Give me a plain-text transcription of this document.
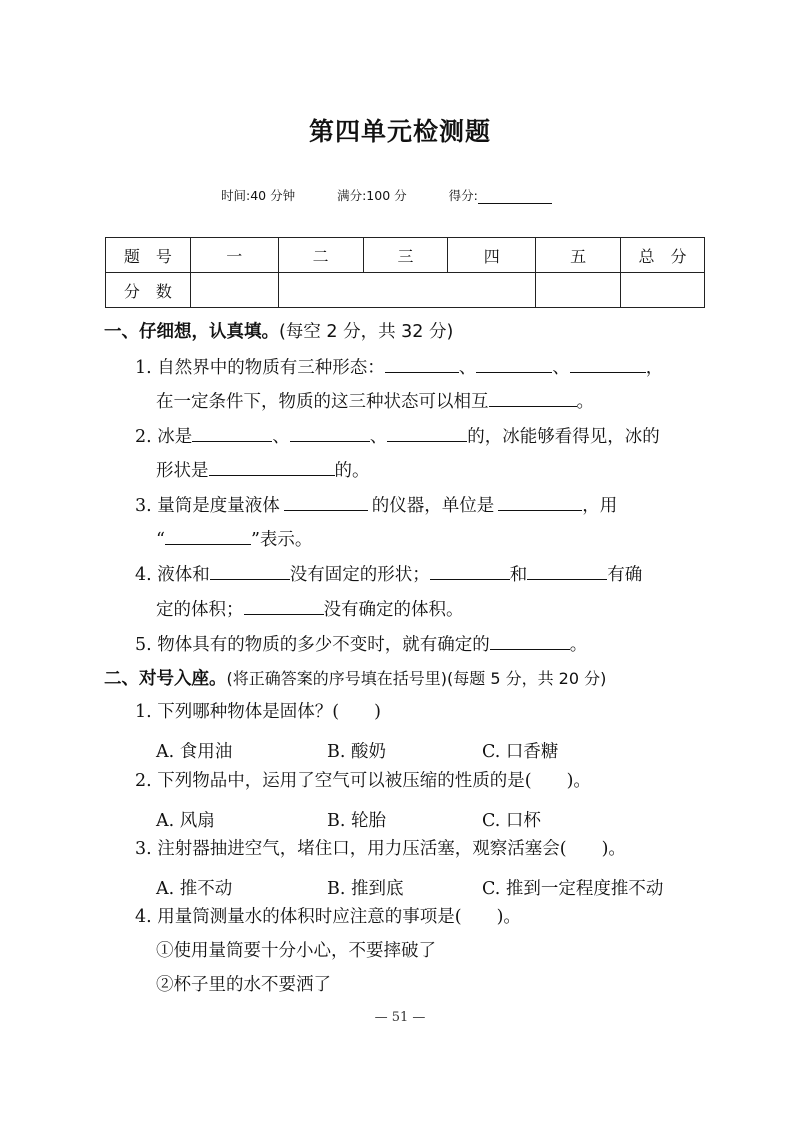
第四单元检测题
时间:40 分钟	满分:100 分	得分:
题　号	一	二	三	四	五	总　分
分　数						
一、仔细想，认真填。(每空 2 分，共 32 分)
1. 自然界中的物质有三种形态：	、	、	，
在一定条件下，物质的这三种状态可以相互	。
2. 冰是	、	、	的，冰能够看得见，冰的
形状是	的。
3. 量筒是度量液体	的仪器，单位是	，用
“	”表示。
4. 液体和	没有固定的形状；	和	有确
定的体积；	没有确定的体积。
5. 物体具有的物质的多少不变时，就有确定的	。
二、对号入座。(将正确答案的序号填在括号里)(每题 5 分，共 20 分)
1. 下列哪种物体是固体？(　　)
A. 食用油	B. 酸奶	C. 口香糖
2. 下列物品中，运用了空气可以被压缩的性质的是(　　)。
A. 风扇	B. 轮胎	C. 口杯
3. 注射器抽进空气，堵住口，用力压活塞，观察活塞会(　　)。
A. 推不动	B. 推到底	C. 推到一定程度推不动
4. 用量筒测量水的体积时应注意的事项是(　　)。
①使用量筒要十分小心，不要摔破了
②杯子里的水不要洒了
— 51 —
